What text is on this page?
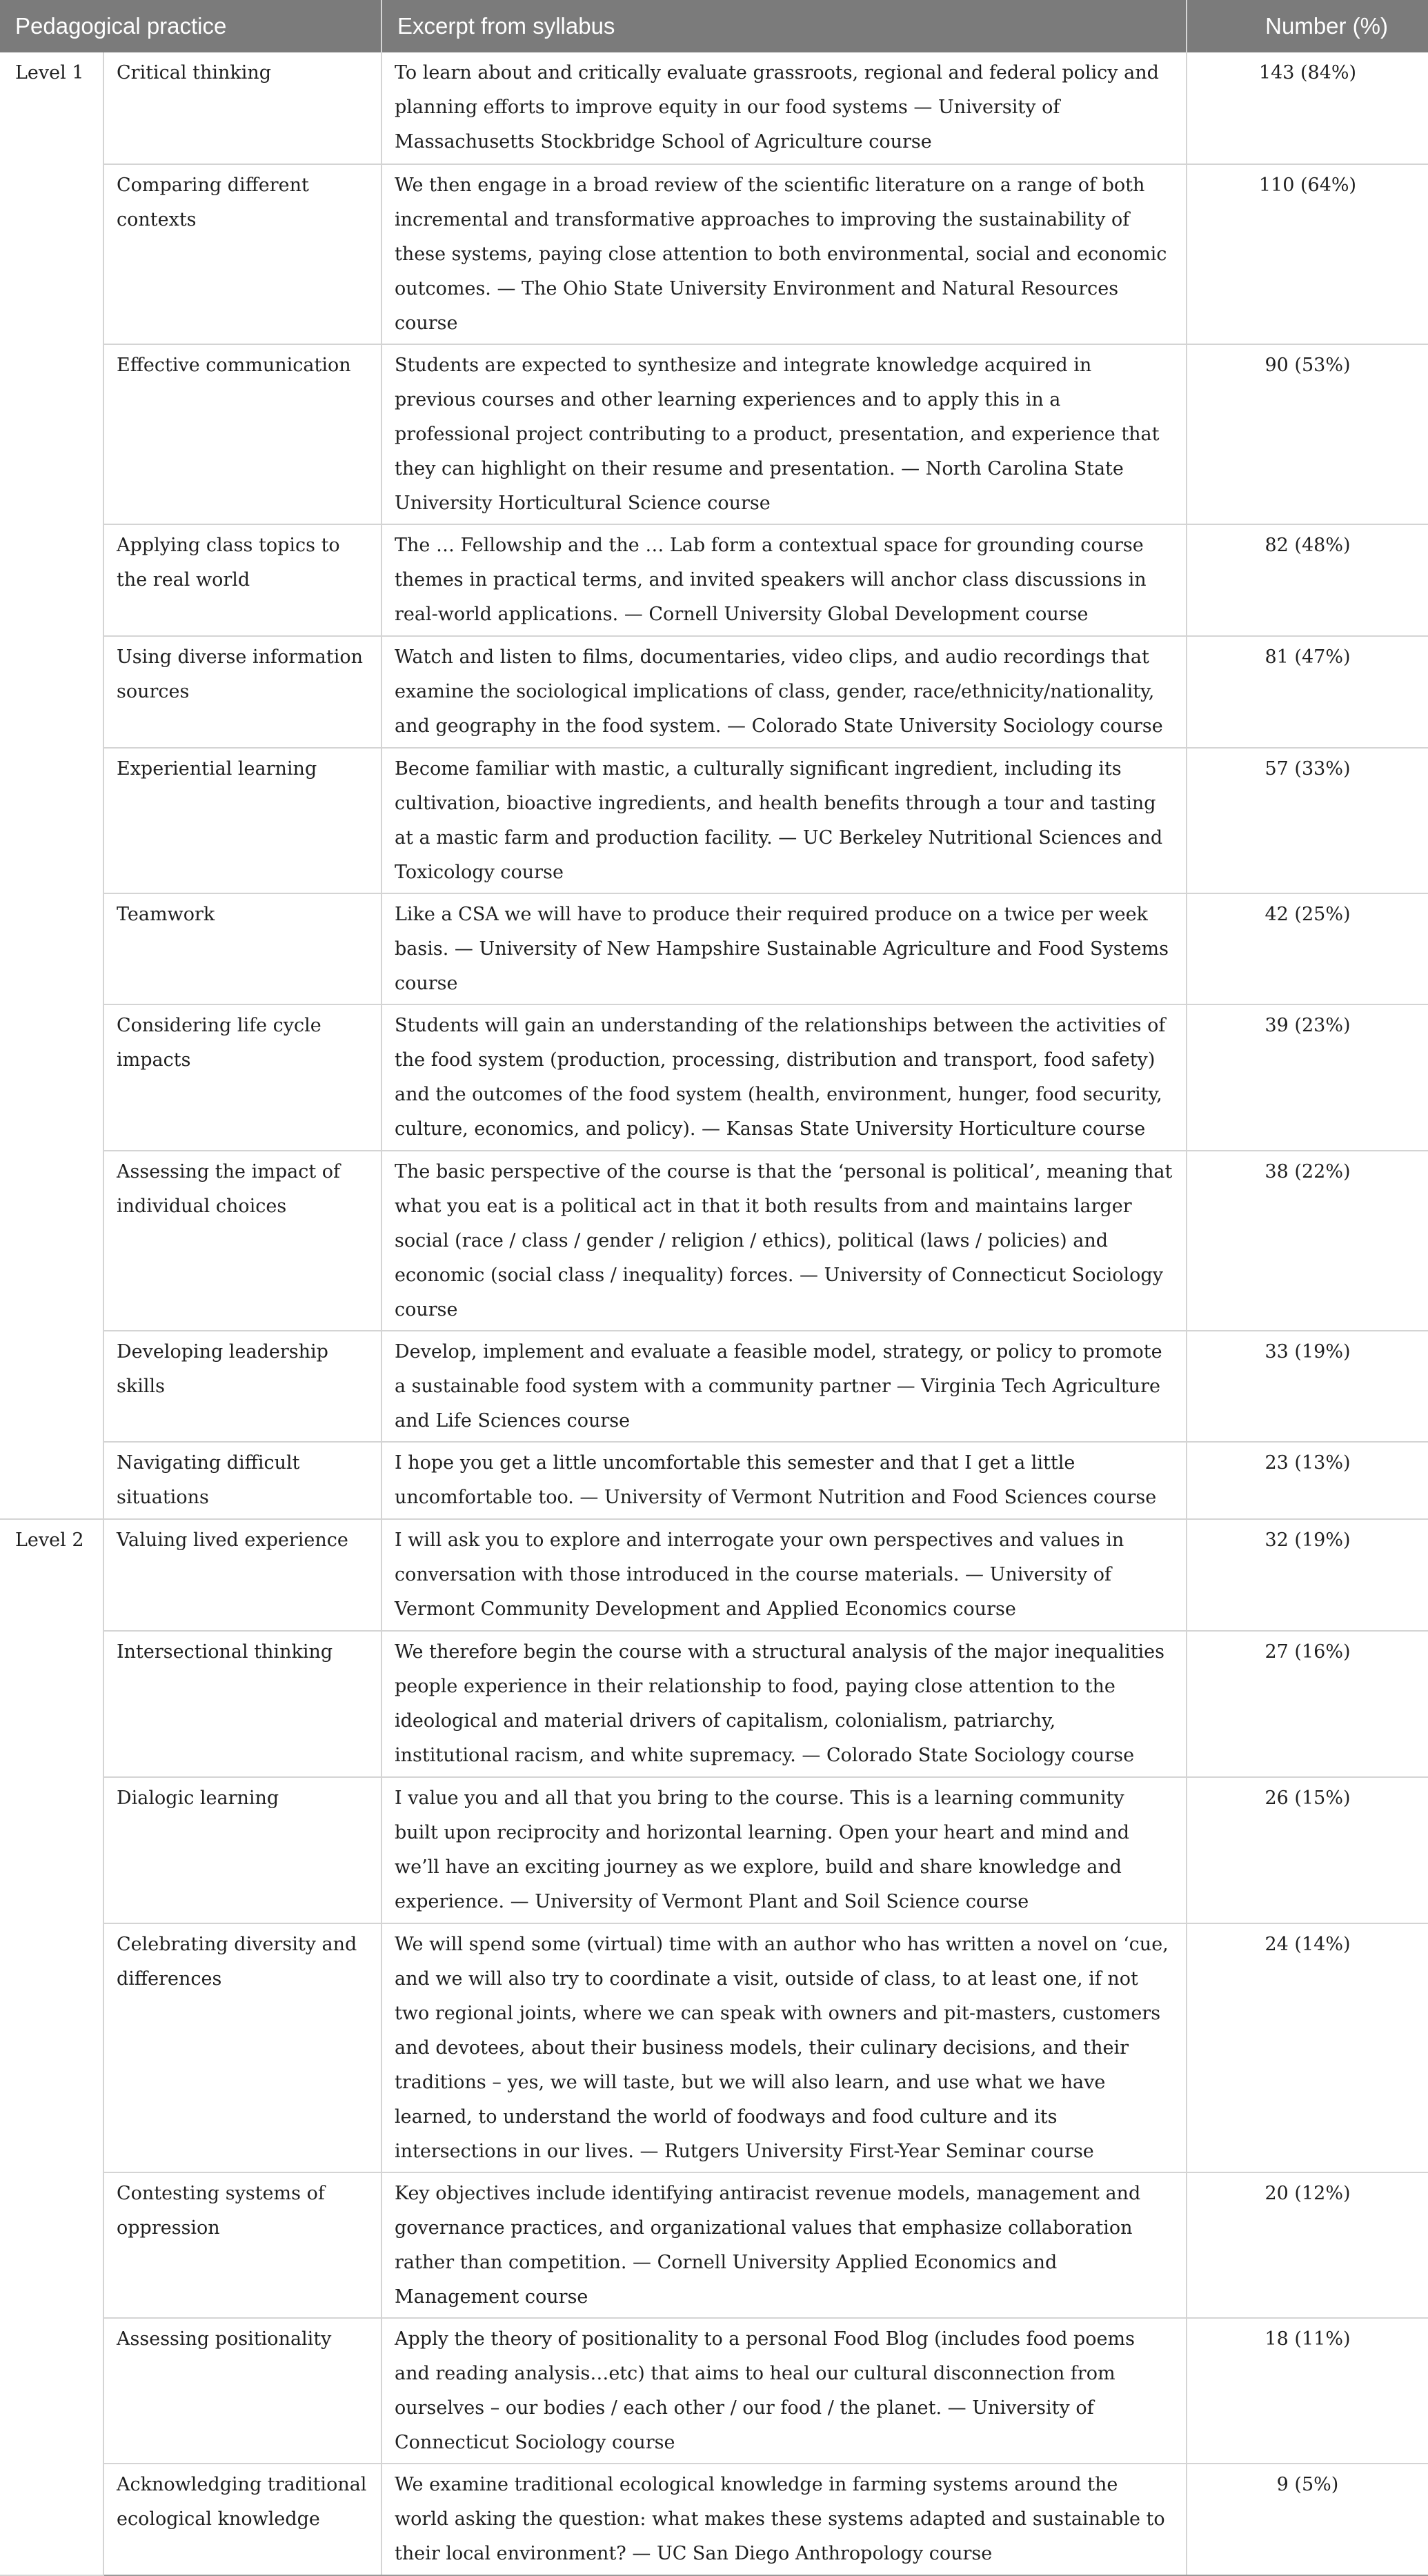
Pedagogical practice		Excerpt from syllabus	Number (%)
Level 1	Critical thinking	To learn about and critically evaluate grassroots, regional and federal policy and planning efforts to improve equity in our food systems — University of Massachusetts Stockbridge School of Agriculture course	143 (84%)
	Comparing different contexts	We then engage in a broad review of the scientific literature on a range of both incremental and transformative approaches to improving the sustainability of these systems, paying close attention to both environmental, social and economic outcomes. — The Ohio State University Environment and Natural Resources course	110 (64%)
	Effective communication	Students are expected to synthesize and integrate knowledge acquired in previous courses and other learning experiences and to apply this in a professional project contributing to a product, presentation, and experience that they can highlight on their resume and presentation. — North Carolina State University Horticultural Science course	90 (53%)
	Applying class topics to the real world	The … Fellowship and the … Lab form a contextual space for grounding course themes in practical terms, and invited speakers will anchor class discussions in real-world applications. — Cornell University Global Development course	82 (48%)
	Using diverse information sources	Watch and listen to films, documentaries, video clips, and audio recordings that examine the sociological implications of class, gender, race/ethnicity/nationality, and geography in the food system. — Colorado State University Sociology course	81 (47%)
	Experiential learning	Become familiar with mastic, a culturally significant ingredient, including its cultivation, bioactive ingredients, and health benefits through a tour and tasting at a mastic farm and production facility. — UC Berkeley Nutritional Sciences and Toxicology course	57 (33%)
	Teamwork	Like a CSA we will have to produce their required produce on a twice per week basis. — University of New Hampshire Sustainable Agriculture and Food Systems course	42 (25%)
	Considering life cycle impacts	Students will gain an understanding of the relationships between the activities of the food system (production, processing, distribution and transport, food safety) and the outcomes of the food system (health, environment, hunger, food security, culture, economics, and policy). — Kansas State University Horticulture course	39 (23%)
	Assessing the impact of individual choices	The basic perspective of the course is that the ‘personal is political’, meaning that what you eat is a political act in that it both results from and maintains larger social (race / class / gender / religion / ethics), political (laws / policies) and economic (social class / inequality) forces. — University of Connecticut Sociology course	38 (22%)
	Developing leadership skills	Develop, implement and evaluate a feasible model, strategy, or policy to promote a sustainable food system with a community partner — Virginia Tech Agriculture and Life Sciences course	33 (19%)
	Navigating difficult situations	I hope you get a little uncomfortable this semester and that I get a little uncomfortable too. — University of Vermont Nutrition and Food Sciences course	23 (13%)
Level 2	Valuing lived experience	I will ask you to explore and interrogate your own perspectives and values in conversation with those introduced in the course materials. — University of Vermont Community Development and Applied Economics course	32 (19%)
	Intersectional thinking	We therefore begin the course with a structural analysis of the major inequalities people experience in their relationship to food, paying close attention to the ideological and material drivers of capitalism, colonialism, patriarchy, institutional racism, and white supremacy. — Colorado State Sociology course	27 (16%)
	Dialogic learning	I value you and all that you bring to the course. This is a learning community built upon reciprocity and horizontal learning. Open your heart and mind and we’ll have an exciting journey as we explore, build and share knowledge and experience. — University of Vermont Plant and Soil Science course	26 (15%)
	Celebrating diversity and differences	We will spend some (virtual) time with an author who has written a novel on ‘cue, and we will also try to coordinate a visit, outside of class, to at least one, if not two regional joints, where we can speak with owners and pit-masters, customers and devotees, about their business models, their culinary decisions, and their traditions – yes, we will taste, but we will also learn, and use what we have learned, to understand the world of foodways and food culture and its intersections in our lives. — Rutgers University First-Year Seminar course	24 (14%)
	Contesting systems of oppression	Key objectives include identifying antiracist revenue models, management and governance practices, and organizational values that emphasize collaboration rather than competition. — Cornell University Applied Economics and Management course	20 (12%)
	Assessing positionality	Apply the theory of positionality to a personal Food Blog (includes food poems and reading analysis…etc) that aims to heal our cultural disconnection from ourselves – our bodies / each other / our food / the planet. — University of Connecticut Sociology course	18 (11%)
	Acknowledging traditional ecological knowledge	We examine traditional ecological knowledge in farming systems around the world asking the question: what makes these systems adapted and sustainable to their local environment? — UC San Diego Anthropology course	9 (5%)
